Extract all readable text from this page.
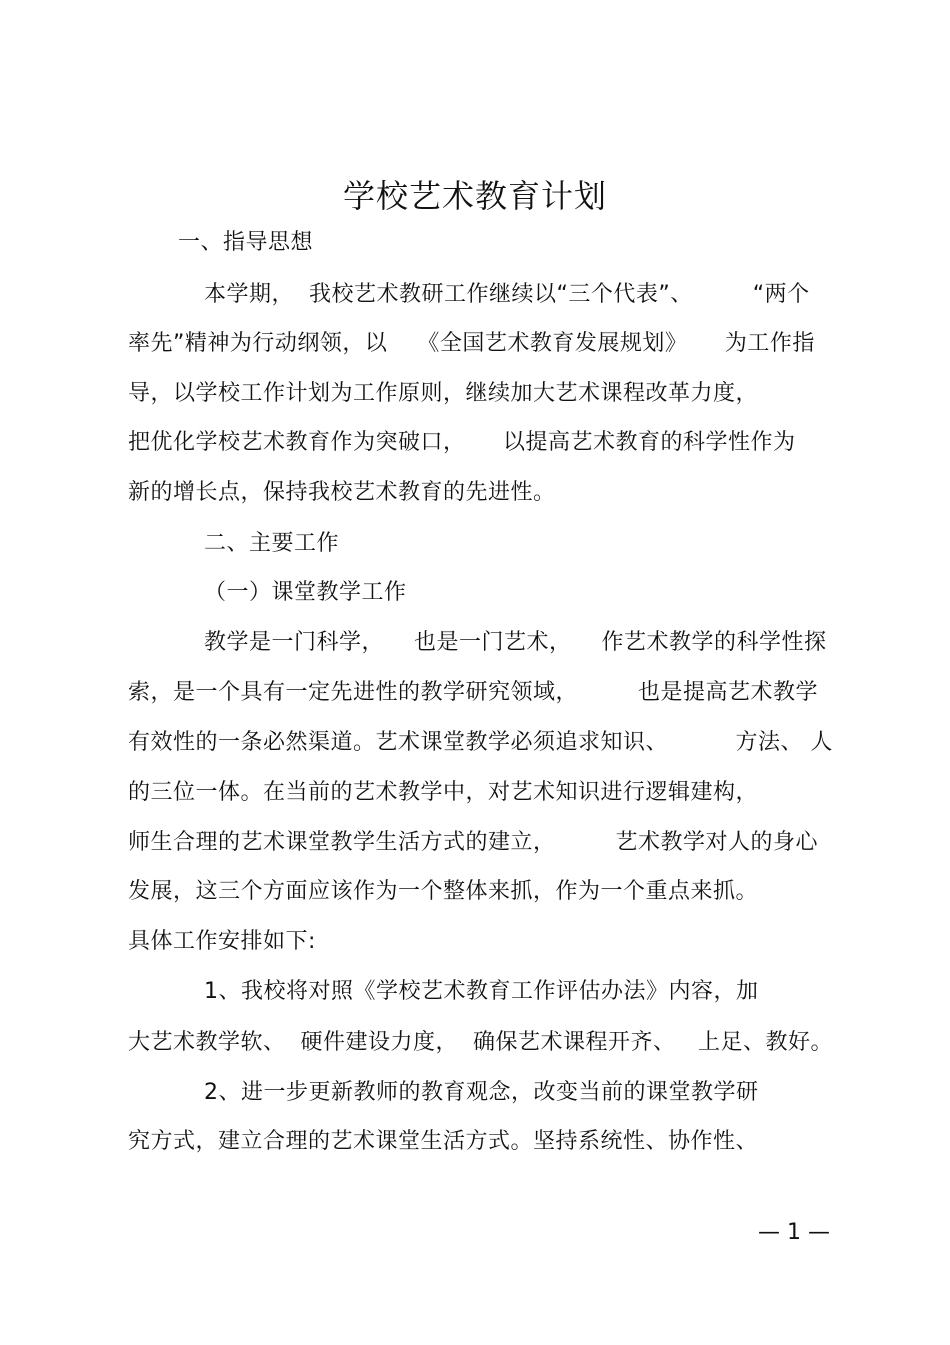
学校艺术教育计划
一、指导思想
本学期，  我校艺术教研工作继续以“三个代表”、        “两个
率先”精神为行动纲领，以    《全国艺术教育发展规划》     为工作指
导，以学校工作计划为工作原则，继续加大艺术课程改革力度，
把优化学校艺术教育作为突破口，     以提高艺术教育的科学性作为
新的增长点，保持我校艺术教育的先进性。
二、主要工作
（一）课堂教学工作
教学是一门科学，    也是一门艺术，    作艺术教学的科学性探
索，是一个具有一定先进性的教学研究领域，        也是提高艺术教学
有效性的一条必然渠道。艺术课堂教学必须追求知识、         方法、 人
的三位一体。在当前的艺术教学中，对艺术知识进行逻辑建构，
师生合理的艺术课堂教学生活方式的建立，        艺术教学对人的身心
发展，这三个方面应该作为一个整体来抓，作为一个重点来抓。
具体工作安排如下:
1、我校将对照《学校艺术教育工作评估办法》内容，加
大艺术教学软、  硬件建设力度，  确保艺术课程开齐、   上足、教好。
2、进一步更新教师的教育观念，改变当前的课堂教学研
究方式，建立合理的艺术课堂生活方式。坚持系统性、协作性、
— 1 —
